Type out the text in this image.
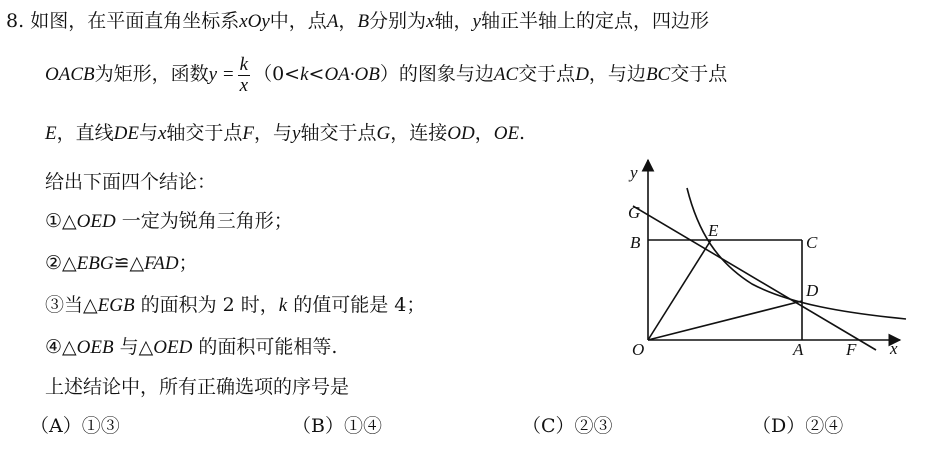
8. 如图，在平面直角坐标系xOy中，点A，B分别为x轴，y轴正半轴上的定点，四边形
OACB为矩形，函数$y = \frac{k}{x} (0<k<OA\cdot OB)$的图象与边AC交于点D，与边BC交于点
E，直线DE与x轴交于点F，与y轴交于点G，连接OD，OE.
给出下面四个结论：
①△OED 一定为锐角三角形；
②△EBG≌△FAD；
③当△EGB 的面积为 2 时，k 的值可能是 4；
④△OEB 与△OED 的面积可能相等.
上述结论中，所有正确选项的序号是
（A）①③	（B）①④	（C）②③	（D）②④
y
G
B
E
C
D
O	A	F x
